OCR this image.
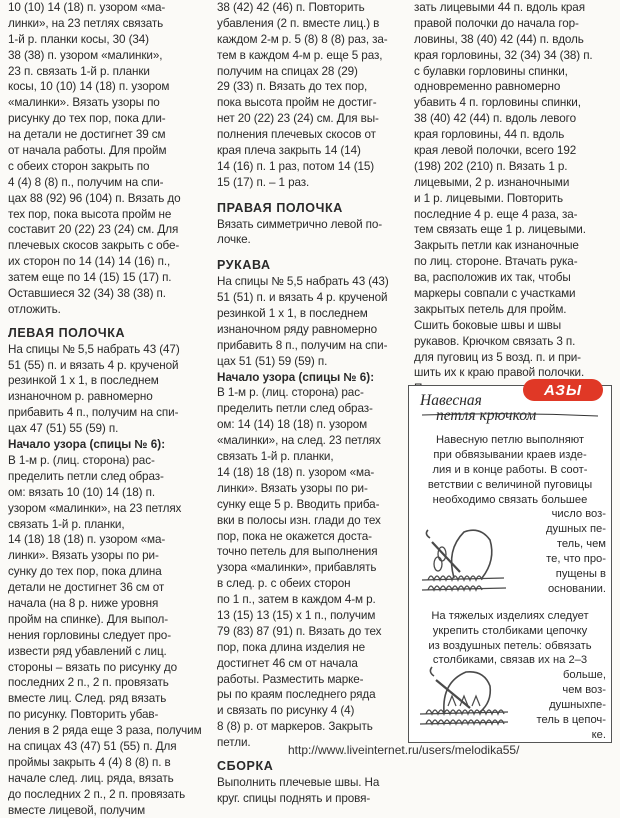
10 (10) 14 (18) п. узором «ма-
линки», на 23 петлях связать
1-й р. планки косы, 30 (34)
38 (38) п. узором «малинки»,
23 п. связать 1-й р. планки
косы, 10 (10) 14 (18) п. узором
«малинки». Вязать узоры по
рисунку до тех пор, пока дли-
на детали не достигнет 39 см
от начала работы. Для пройм
с обеих сторон закрыть по
4 (4) 8 (8) п., получим на спи-
цах 88 (92) 96 (104) п. Вязать до
тех пор, пока высота пройм не
составит 20 (22) 23 (24) см. Для
плечевых скосов закрыть с обе-
их сторон по 14 (14) 14 (16) п.,
затем еще по 14 (15) 15 (17) п.
Оставшиеся 32 (34) 38 (38) п.
отложить.
ЛЕВАЯ ПОЛОЧКА
На спицы № 5,5 набрать 43 (47)
51 (55) п. и вязать 4 р. крученой
резинкой 1 х 1, в последнем
изнаночном р. равномерно
прибавить 4 п., получим на спи-
цах 47 (51) 55 (59) п.
Начало узора (спицы № 6):
В 1-м р. (лиц. сторона) рас-
пределить петли след образ-
ом: вязать 10 (10) 14 (18) п.
узором «малинки», на 23 петлях
связать 1-й р. планки,
14 (18) 18 (18) п. узором «ма-
линки». Вязать узоры по ри-
сунку до тех пор, пока длина
детали не достигнет 36 см от
начала (на 8 р. ниже уровня
пройм на спинке). Для выпол-
нения горловины следует про-
извести ряд убавлений с лиц.
стороны – вязать по рисунку до
последних 2 п., 2 п. провязать
вместе лиц. След. ряд вязать
по рисунку. Повторить убав-
ления в 2 ряда еще 3 раза, получим
на спицах 43 (47) 51 (55) п. Для
проймы закрыть 4 (4) 8 (8) п. в
начале след. лиц. ряда, вязать
до последних 2 п., 2 п. провязать
вместе лицевой, получим
38 (42) 42 (46) п. Повторить
убавления (2 п. вместе лиц.) в
каждом 2-м р. 5 (8) 8 (8) раз, за-
тем в каждом 4-м р. еще 5 раз,
получим на спицах 28 (29)
29 (33) п. Вязать до тех пор,
пока высота пройм не достиг-
нет 20 (22) 23 (24) см. Для вы-
полнения плечевых скосов от
края плеча закрыть 14 (14)
14 (16) п. 1 раз, потом 14 (15)
15 (17) п. – 1 раз.
ПРАВАЯ ПОЛОЧКА
Вязать симметрично левой по-
лочке.
РУКАВА
На спицы № 5,5 набрать 43 (43)
51 (51) п. и вязать 4 р. крученой
резинкой 1 х 1, в последнем
изнаночном ряду равномерно
прибавить 8 п., получим на спи-
цах 51 (51) 59 (59) п.
Начало узора (спицы № 6):
В 1-м р. (лиц. сторона) рас-
пределить петли след образ-
ом: 14 (14) 18 (18) п. узором
«малинки», на след. 23 петлях
связать 1-й р. планки,
14 (18) 18 (18) п. узором «ма-
линки». Вязать узоры по ри-
сунку еще 5 р. Вводить приба-
вки в полосы изн. глади до тех
пор, пока не окажется доста-
точно петель для выполнения
узора «малинки», прибавлять
в след. р. с обеих сторон
по 1 п., затем в каждом 4-м р.
13 (15) 13 (15) х 1 п., получим
79 (83) 87 (91) п. Вязать до тех
пор, пока длина изделия не
достигнет 46 см от начала
работы. Разместить марке-
ры по краям последнего ряда
и связать по рисунку 4 (4)
8 (8) р. от маркеров. Закрыть
петли.
СБОРКА
Выполнить плечевые швы. На
круг. спицы поднять и провя-
зать лицевыми 44 п. вдоль края
правой полочки до начала гор-
ловины, 38 (40) 42 (44) п. вдоль
края горловины, 32 (34) 34 (38) п.
с булавки горловины спинки,
одновременно равномерно
убавить 4 п. горловины спинки,
38 (40) 42 (44) п. вдоль левого
края горловины, 44 п. вдоль
края левой полочки, всего 192
(198) 202 (210) п. Вязать 1 р.
лицевыми, 2 р. изнаночными
и 1 р. лицевыми. Повторить
последние 4 р. еще 4 раза, за-
тем связать еще 1 р. лицевыми.
Закрыть петли как изнаночные
по лиц. стороне. Втачать рука-
ва, расположив их так, чтобы
маркеры совпали с участками
закрытых петель для пройм.
Сшить боковые швы и швы
рукавов. Крючком связать 3 п.
для пуговиц из 5 возд. п. и при-
шить их к краю правой полочки.
АЗЫ
Навесная
петля крючком
Навесную петлю выполняют
при обвязывании краев изде-
лия и в конце работы. В соот-
ветствии с величиной пуговицы
необходимо связать большее
число воз-
душных пе-
тель, чем
те, что про-
пущены в
основании.
На тяжелых изделиях следует
укрепить столбиками цепочку
из воздушных петель: обвязать
столбиками, связав их на 2–3
больше,
чем воз-
душныхпе-
тель в цепоч-
ке.
http://www.liveinternet.ru/users/melodika55/
